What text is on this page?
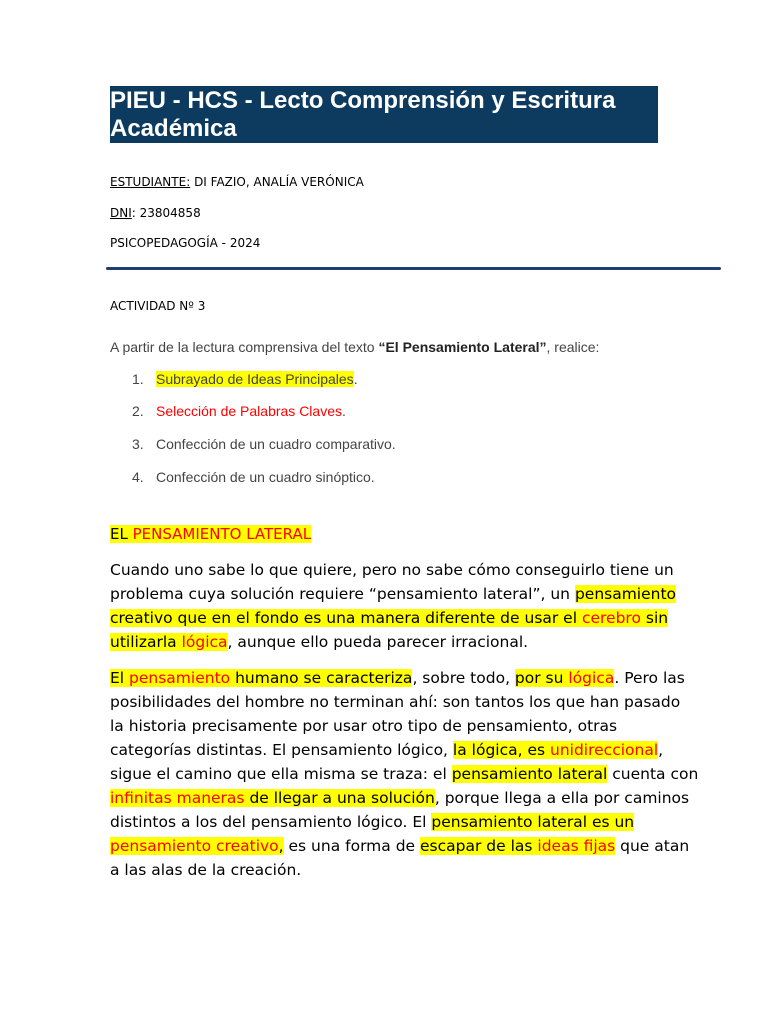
PIEU - HCS - Lecto Comprensión y Escritura
Académica
ESTUDIANTE: DI FAZIO, ANALÍA VERÓNICA
DNI: 23804858
PSICOPEDAGOGÍA - 2024
ACTIVIDAD Nº 3
A partir de la lectura comprensiva del texto “El Pensamiento Lateral”, realice:
1. Subrayado de Ideas Principales.
2. Selección de Palabras Claves.
3. Confección de un cuadro comparativo.
4. Confección de un cuadro sinóptico.
EL PENSAMIENTO LATERAL
Cuando uno sabe lo que quiere, pero no sabe cómo conseguirlo tiene un
problema cuya solución requiere “pensamiento lateral”, un pensamiento
creativo que en el fondo es una manera diferente de usar el cerebro sin
utilizarla lógica, aunque ello pueda parecer irracional.
El pensamiento humano se caracteriza, sobre todo, por su lógica. Pero las
posibilidades del hombre no terminan ahí: son tantos los que han pasado
la historia precisamente por usar otro tipo de pensamiento, otras
categorías distintas. El pensamiento lógico, la lógica, es unidireccional,
sigue el camino que ella misma se traza: el pensamiento lateral cuenta con
infinitas maneras de llegar a una solución, porque llega a ella por caminos
distintos a los del pensamiento lógico. El pensamiento lateral es un
pensamiento creativo, es una forma de escapar de las ideas fijas que atan
a las alas de la creación.
